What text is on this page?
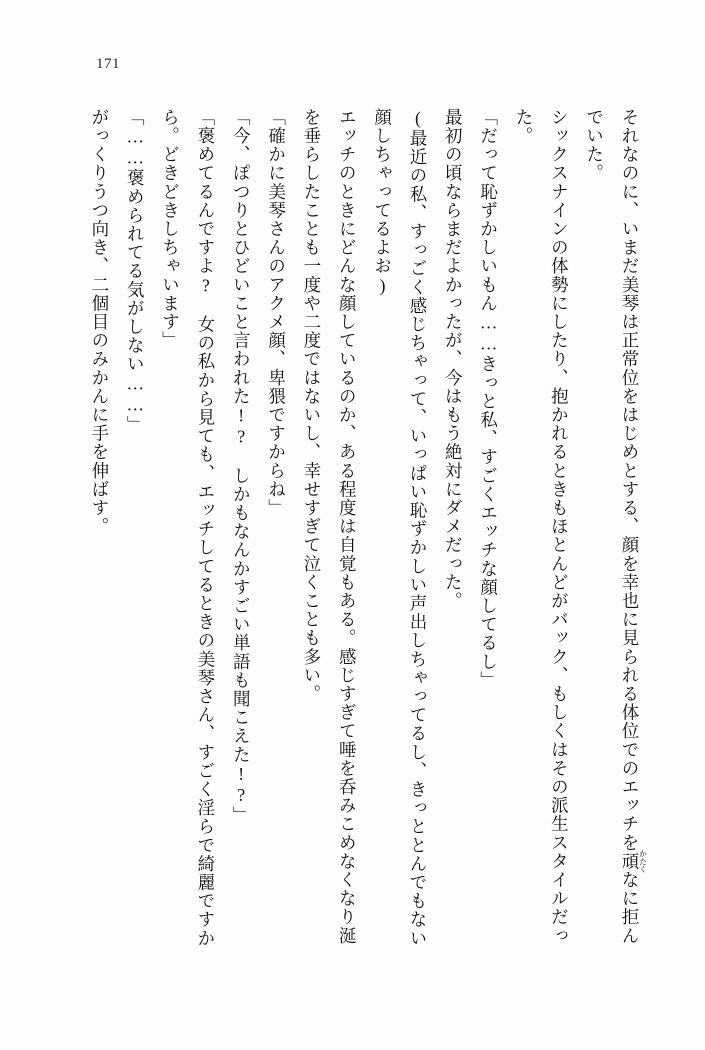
171
それなのに、いまだ美琴は正常位をはじめとする、顔を幸也に見られる体位でのエッチを頑かたくなに拒んでいた。
シックスナインの体勢にしたり、抱かれるときもほとんどがバック、もしくはその派生スタイルだった。
「だって恥ずかしいもん……きっと私、すごくエッチな顔してるし」
最初の頃ならまだよかったが、今はもう絶対にダメだった。
(最近の私、すっごく感じちゃって、いっぱい恥ずかしい声出しちゃってるし、きっととんでもない顔しちゃってるよお)
エッチのときにどんな顔しているのか、ある程度は自覚もある。感じすぎて唾を呑みこめなくなり涎を垂らしたことも一度や二度ではないし、幸せすぎて泣くことも多い。
「確かに美琴さんのアクメ顔、卑猥ですからね」
「今、ぽつりとひどいこと言われた!?　しかもなんかすごい単語も聞こえた!?」
「褒めてるんですよ?　女の私から見ても、エッチしてるときの美琴さん、すごく淫らで綺麗ですから。どきどきしちゃいます」
「……褒められてる気がしない……」
がっくりうつ向き、二個目のみかんに手を伸ばす。
